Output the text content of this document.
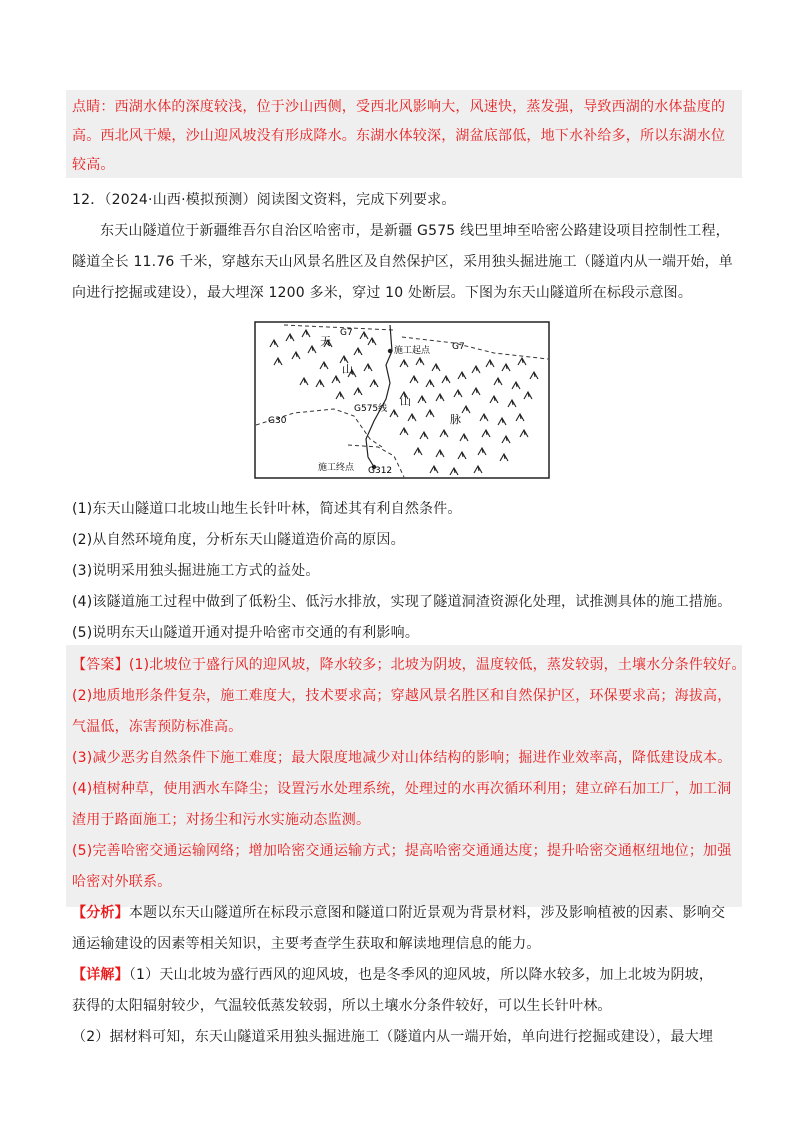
点睛：西湖水体的深度较浅，位于沙山西侧，受西北风影响大，风速快，蒸发强，导致西湖的水体盐度的
高。西北风干燥，沙山迎风坡没有形成降水。东湖水体较深，湖盆底部低，地下水补给多，所以东湖水位
较高。
12．（2024·山西·模拟预测）阅读图文资料，完成下列要求。
东天山隧道位于新疆维吾尔自治区哈密市，是新疆 G575 线巴里坤至哈密公路建设项目控制性工程，
隧道全长 11.76 千米，穿越东天山风景名胜区及自然保护区，采用独头掘进施工（隧道内从一端开始，单
向进行挖掘或建设），最大埋深 1200 多米，穿过 10 处断层。下图为东天山隧道所在标段示意图。
G7
G7
施工起点
天
山
山
脉
G575线
G30
施工终点 G312
(1)东天山隧道口北坡山地生长针叶林，简述其有利自然条件。
(2)从自然环境角度，分析东天山隧道造价高的原因。
(3)说明采用独头掘进施工方式的益处。
(4)该隧道施工过程中做到了低粉尘、低污水排放，实现了隧道洞渣资源化处理，试推测具体的施工措施。
(5)说明东天山隧道开通对提升哈密市交通的有利影响。
【答案】(1)北坡位于盛行风的迎风坡，降水较多；北坡为阴坡，温度较低，蒸发较弱，土壤水分条件较好。
(2)地质地形条件复杂，施工难度大，技术要求高；穿越风景名胜区和自然保护区，环保要求高；海拔高，
气温低，冻害预防标准高。
(3)减少恶劣自然条件下施工难度；最大限度地减少对山体结构的影响；掘进作业效率高，降低建设成本。
(4)植树种草，使用洒水车降尘；设置污水处理系统，处理过的水再次循环利用；建立碎石加工厂，加工洞
渣用于路面施工；对扬尘和污水实施动态监测。
(5)完善哈密交通运输网络；增加哈密交通运输方式；提高哈密交通通达度；提升哈密交通枢纽地位；加强
哈密对外联系。
【分析】本题以东天山隧道所在标段示意图和隧道口附近景观为背景材料，涉及影响植被的因素、影响交
通运输建设的因素等相关知识，主要考查学生获取和解读地理信息的能力。
【详解】（1）天山北坡为盛行西风的迎风坡，也是冬季风的迎风坡，所以降水较多，加上北坡为阴坡，
获得的太阳辐射较少，气温较低蒸发较弱，所以土壤水分条件较好，可以生长针叶林。
（2）据材料可知，东天山隧道采用独头掘进施工（隧道内从一端开始，单向进行挖掘或建设），最大埋
